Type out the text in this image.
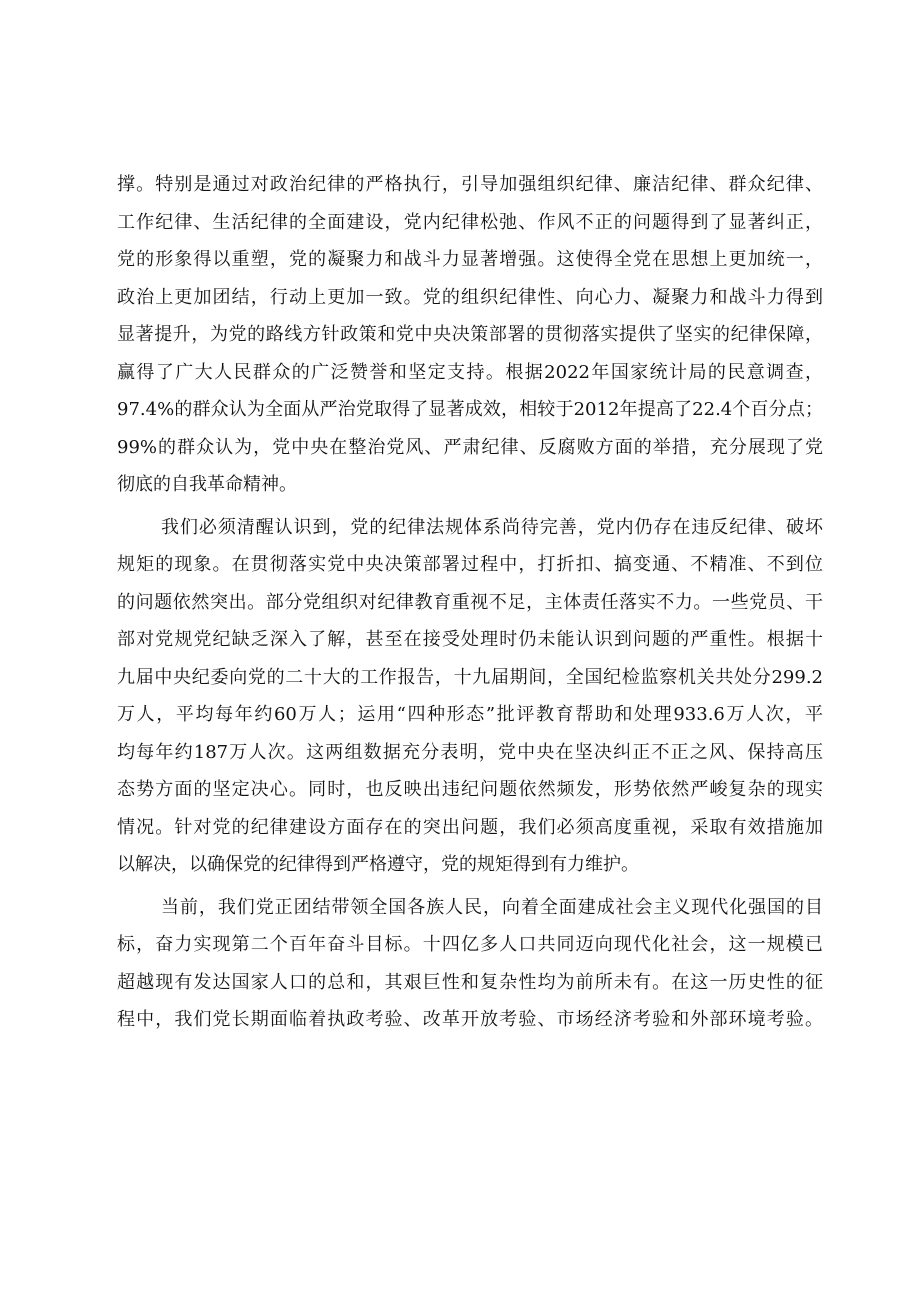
撑。特别是通过对政治纪律的严格执行，引导加强组织纪律、廉洁纪律、群众纪律、
工作纪律、生活纪律的全面建设，党内纪律松弛、作风不正的问题得到了显著纠正，
党的形象得以重塑，党的凝聚力和战斗力显著增强。这使得全党在思想上更加统一，
政治上更加团结，行动上更加一致。党的组织纪律性、向心力、凝聚力和战斗力得到
显著提升，为党的路线方针政策和党中央决策部署的贯彻落实提供了坚实的纪律保障，
赢得了广大人民群众的广泛赞誉和坚定支持。根据2022年国家统计局的民意调查，
97.4%的群众认为全面从严治党取得了显著成效，相较于2012年提高了22.4个百分点；
99%的群众认为，党中央在整治党风、严肃纪律、反腐败方面的举措，充分展现了党
彻底的自我革命精神。
我们必须清醒认识到，党的纪律法规体系尚待完善，党内仍存在违反纪律、破坏
规矩的现象。在贯彻落实党中央决策部署过程中，打折扣、搞变通、不精准、不到位
的问题依然突出。部分党组织对纪律教育重视不足，主体责任落实不力。一些党员、干
部对党规党纪缺乏深入了解，甚至在接受处理时仍未能认识到问题的严重性。根据十
九届中央纪委向党的二十大的工作报告，十九届期间，全国纪检监察机关共处分299.2
万人，平均每年约60万人；运用“四种形态”批评教育帮助和处理933.6万人次，平
均每年约187万人次。这两组数据充分表明，党中央在坚决纠正不正之风、保持高压
态势方面的坚定决心。同时，也反映出违纪问题依然频发，形势依然严峻复杂的现实
情况。针对党的纪律建设方面存在的突出问题，我们必须高度重视，采取有效措施加
以解决，以确保党的纪律得到严格遵守，党的规矩得到有力维护。
当前，我们党正团结带领全国各族人民，向着全面建成社会主义现代化强国的目
标，奋力实现第二个百年奋斗目标。十四亿多人口共同迈向现代化社会，这一规模已
超越现有发达国家人口的总和，其艰巨性和复杂性均为前所未有。在这一历史性的征
程中，我们党长期面临着执政考验、改革开放考验、市场经济考验和外部环境考验。
